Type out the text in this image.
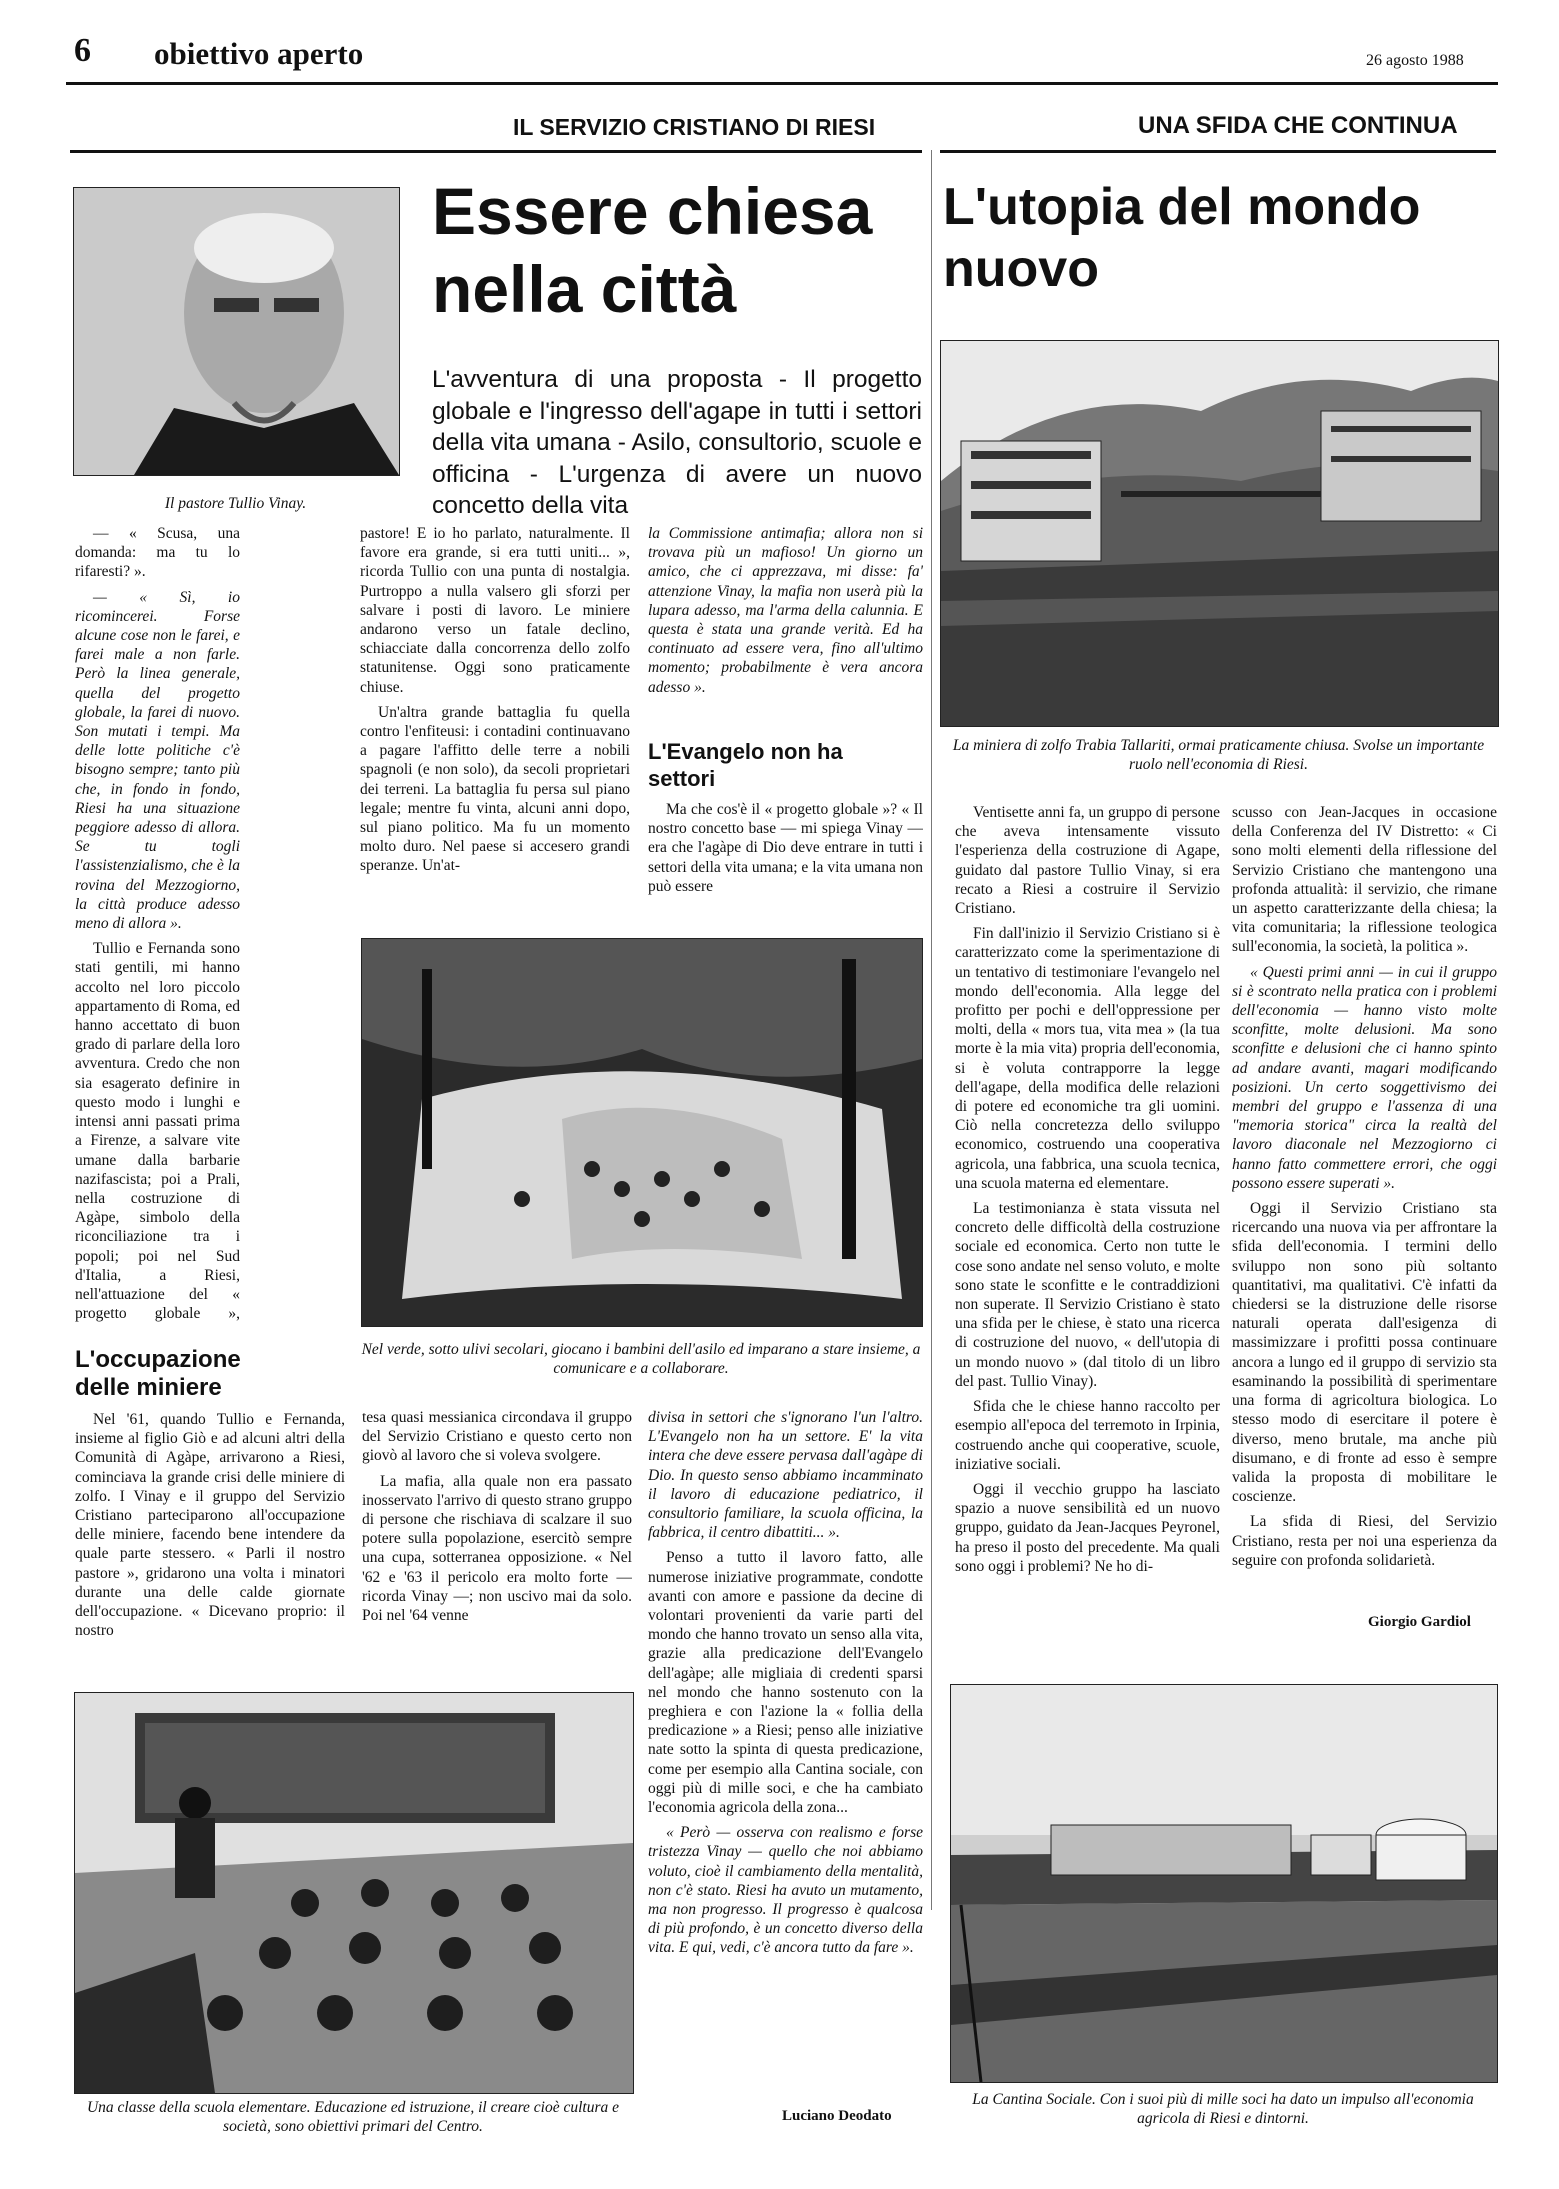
6 obiettivo aperto	26 agosto 1988
IL SERVIZIO CRISTIANO DI RIESI	UNA SFIDA CHE CONTINUA
Il pastore Tullio Vinay.
Essere chiesa nella città
L'avventura di una proposta - Il progetto globale e l'ingresso dell'agape in tutti i settori della vita umana - Asilo, consultorio, scuole e officina - L'urgenza di avere un nuovo concetto della vita
L'utopia del mondo nuovo
La miniera di zolfo Trabia Tallariti, ormai praticamente chiusa. Svolse un importante ruolo nell'economia di Riesi.

— « Scusa, una domanda: ma tu lo rifaresti? ».

— « Sì, io ricomincerei. Forse alcune cose non le farei, e farei male a non farle. Però la linea generale, quella del progetto globale, la farei di nuovo. Son mutati i tempi. Ma delle lotte politiche c'è bisogno sempre; tanto più che, in fondo in fondo, Riesi ha una situazione peggiore adesso di allora. Se tu togli l'assistenzialismo, che è la rovina del Mezzogiorno, la città produce adesso meno di allora ».

Tullio e Fernanda sono stati gentili, mi hanno accolto nel loro piccolo appartamento di Roma, ed hanno accettato di buon grado di parlare della loro avventura. Credo che non sia esagerato definire in questo modo i lunghi e intensi anni passati prima a Firenze, a salvare vite umane dalla barbarie nazifascista; poi a Prali, nella costruzione di Agàpe, simbolo della riconciliazione tra i popoli; poi nel Sud d'Italia, a Riesi, nell'attuazione del « progetto globale »,

pastore! E io ho parlato, naturalmente. Il favore era grande, si era tutti uniti... », ricorda Tullio con una punta di nostalgia. Purtroppo a nulla valsero gli sforzi per salvare i posti di lavoro. Le miniere andarono verso un fatale declino, schiacciate dalla concorrenza dello zolfo statunitense. Oggi sono praticamente chiuse.

Un'altra grande battaglia fu quella contro l'enfiteusi: i contadini continuavano a pagare l'affitto delle terre a nobili spagnoli (e non solo), da secoli proprietari dei terreni. La battaglia fu persa sul piano legale; mentre fu vinta, alcuni anni dopo, sul piano politico. Ma fu un momento molto duro. Nel paese si accesero grandi speranze. Un'at-

la Commissione antimafia; allora non si trovava più un mafioso! Un giorno un amico, che ci apprezzava, mi disse: fa' attenzione Vinay, la mafia non userà più la lupara adesso, ma l'arma della calunnia. E questa è stata una grande verità. Ed ha continuato ad essere vera, fino all'ultimo momento; probabilmente è vera ancora adesso ».

L'Evangelo non ha settori

Ma che cos'è il « progetto globale »? « Il nostro concetto base — mi spiega Vinay — era che l'agàpe di Dio deve entrare in tutti i settori della vita umana; e la vita umana non può essere

Nel verde, sotto ulivi secolari, giocano i bambini dell'asilo ed imparano a stare insieme, a comunicare e a collaborare.
L'occupazione delle miniere

Nel '61, quando Tullio e Fernanda, insieme al figlio Giò e ad alcuni altri della Comunità di Agàpe, arrivarono a Riesi, cominciava la grande crisi delle miniere di zolfo. I Vinay e il gruppo del Servizio Cristiano parteciparono all'occupazione delle miniere, facendo bene intendere da quale parte stessero. « Parli il nostro pastore », gridarono una volta i minatori durante una delle calde giornate dell'occupazione. « Dicevano proprio: il nostro

tesa quasi messianica circondava il gruppo del Servizio Cristiano e questo certo non giovò al lavoro che si voleva svolgere.

La mafia, alla quale non era passato inosservato l'arrivo di questo strano gruppo di persone che rischiava di scalzare il suo potere sulla popolazione, esercitò sempre una cupa, sotterranea opposizione. « Nel '62 e '63 il pericolo era molto forte — ricorda Vinay —; non uscivo mai da solo. Poi nel '64 venne

divisa in settori che s'ignorano l'un l'altro. L'Evangelo non ha un settore. E' la vita intera che deve essere pervasa dall'agàpe di Dio. In questo senso abbiamo incamminato il lavoro di educazione pediatrico, il consultorio familiare, la scuola officina, la fabbrica, il centro dibattiti... ».

Penso a tutto il lavoro fatto, alle numerose iniziative programmate, condotte avanti con amore e passione da decine di volontari provenienti da varie parti del mondo che hanno trovato un senso alla vita, grazie alla predicazione dell'Evangelo dell'agàpe; alle migliaia di credenti sparsi nel mondo che hanno sostenuto con la preghiera e con l'azione la « follia della predicazione » a Riesi; penso alle iniziative nate sotto la spinta di questa predicazione, come per esempio alla Cantina sociale, con oggi più di mille soci, e che ha cambiato l'economia agricola della zona...

« Però — osserva con realismo e forse tristezza Vinay — quello che noi abbiamo voluto, cioè il cambiamento della mentalità, non c'è stato. Riesi ha avuto un mutamento, ma non progresso. Il progresso è qualcosa di più profondo, è un concetto diverso della vita. E qui, vedi, c'è ancora tutto da fare ».

Una classe della scuola elementare. Educazione ed istruzione, il creare cioè cultura e società, sono obiettivi primari del Centro.
Luciano Deodato

Ventisette anni fa, un gruppo di persone che aveva intensamente vissuto l'esperienza della costruzione di Agape, guidato dal pastore Tullio Vinay, si era recato a Riesi a costruire il Servizio Cristiano.

Fin dall'inizio il Servizio Cristiano si è caratterizzato come la sperimentazione di un tentativo di testimoniare l'evangelo nel mondo dell'economia. Alla legge del profitto per pochi e dell'oppressione per molti, della « mors tua, vita mea » (la tua morte è la mia vita) propria dell'economia, si è voluta contrapporre la legge dell'agape, della modifica delle relazioni di potere ed economiche tra gli uomini. Ciò nella concretezza dello sviluppo economico, costruendo una cooperativa agricola, una fabbrica, una scuola tecnica, una scuola materna ed elementare.

La testimonianza è stata vissuta nel concreto delle difficoltà della costruzione sociale ed economica. Certo non tutte le cose sono andate nel senso voluto, e molte sono state le sconfitte e le contraddizioni non superate. Il Servizio Cristiano è stato una sfida per le chiese, è stato una ricerca di costruzione del nuovo, « dell'utopia di un mondo nuovo » (dal titolo di un libro del past. Tullio Vinay).

Sfida che le chiese hanno raccolto per esempio all'epoca del terremoto in Irpinia, costruendo anche qui cooperative, scuole, iniziative sociali.

Oggi il vecchio gruppo ha lasciato spazio a nuove sensibilità ed un nuovo gruppo, guidato da Jean-Jacques Peyronel, ha preso il posto del precedente. Ma quali sono oggi i problemi? Ne ho di-

scusso con Jean-Jacques in occasione della Conferenza del IV Distretto: « Ci sono molti elementi della riflessione del Servizio Cristiano che mantengono una profonda attualità: il servizio, che rimane un aspetto caratterizzante della chiesa; la vita comunitaria; la riflessione teologica sull'economia, la società, la politica ».

« Questi primi anni — in cui il gruppo si è scontrato nella pratica con i problemi dell'economia — hanno visto molte sconfitte, molte delusioni. Ma sono sconfitte e delusioni che ci hanno spinto ad andare avanti, magari modificando posizioni. Un certo soggettivismo dei membri del gruppo e l'assenza di una "memoria storica" circa la realtà del lavoro diaconale nel Mezzogiorno ci hanno fatto commettere errori, che oggi possono essere superati ».

Oggi il Servizio Cristiano sta ricercando una nuova via per affrontare la sfida dell'economia. I termini dello sviluppo non sono più soltanto quantitativi, ma qualitativi. C'è infatti da chiedersi se la distruzione delle risorse naturali operata dall'esigenza di massimizzare i profitti possa continuare ancora a lungo ed il gruppo di servizio sta esaminando la possibilità di sperimentare una forma di agricoltura biologica. Lo stesso modo di esercitare il potere è diverso, meno brutale, ma anche più disumano, e di fronte ad esso è sempre valida la proposta di mobilitare le coscienze.

La sfida di Riesi, del Servizio Cristiano, resta per noi una esperienza da seguire con profonda solidarietà.

Giorgio Gardiol
La Cantina Sociale. Con i suoi più di mille soci ha dato un impulso all'economia agricola di Riesi e dintorni.
